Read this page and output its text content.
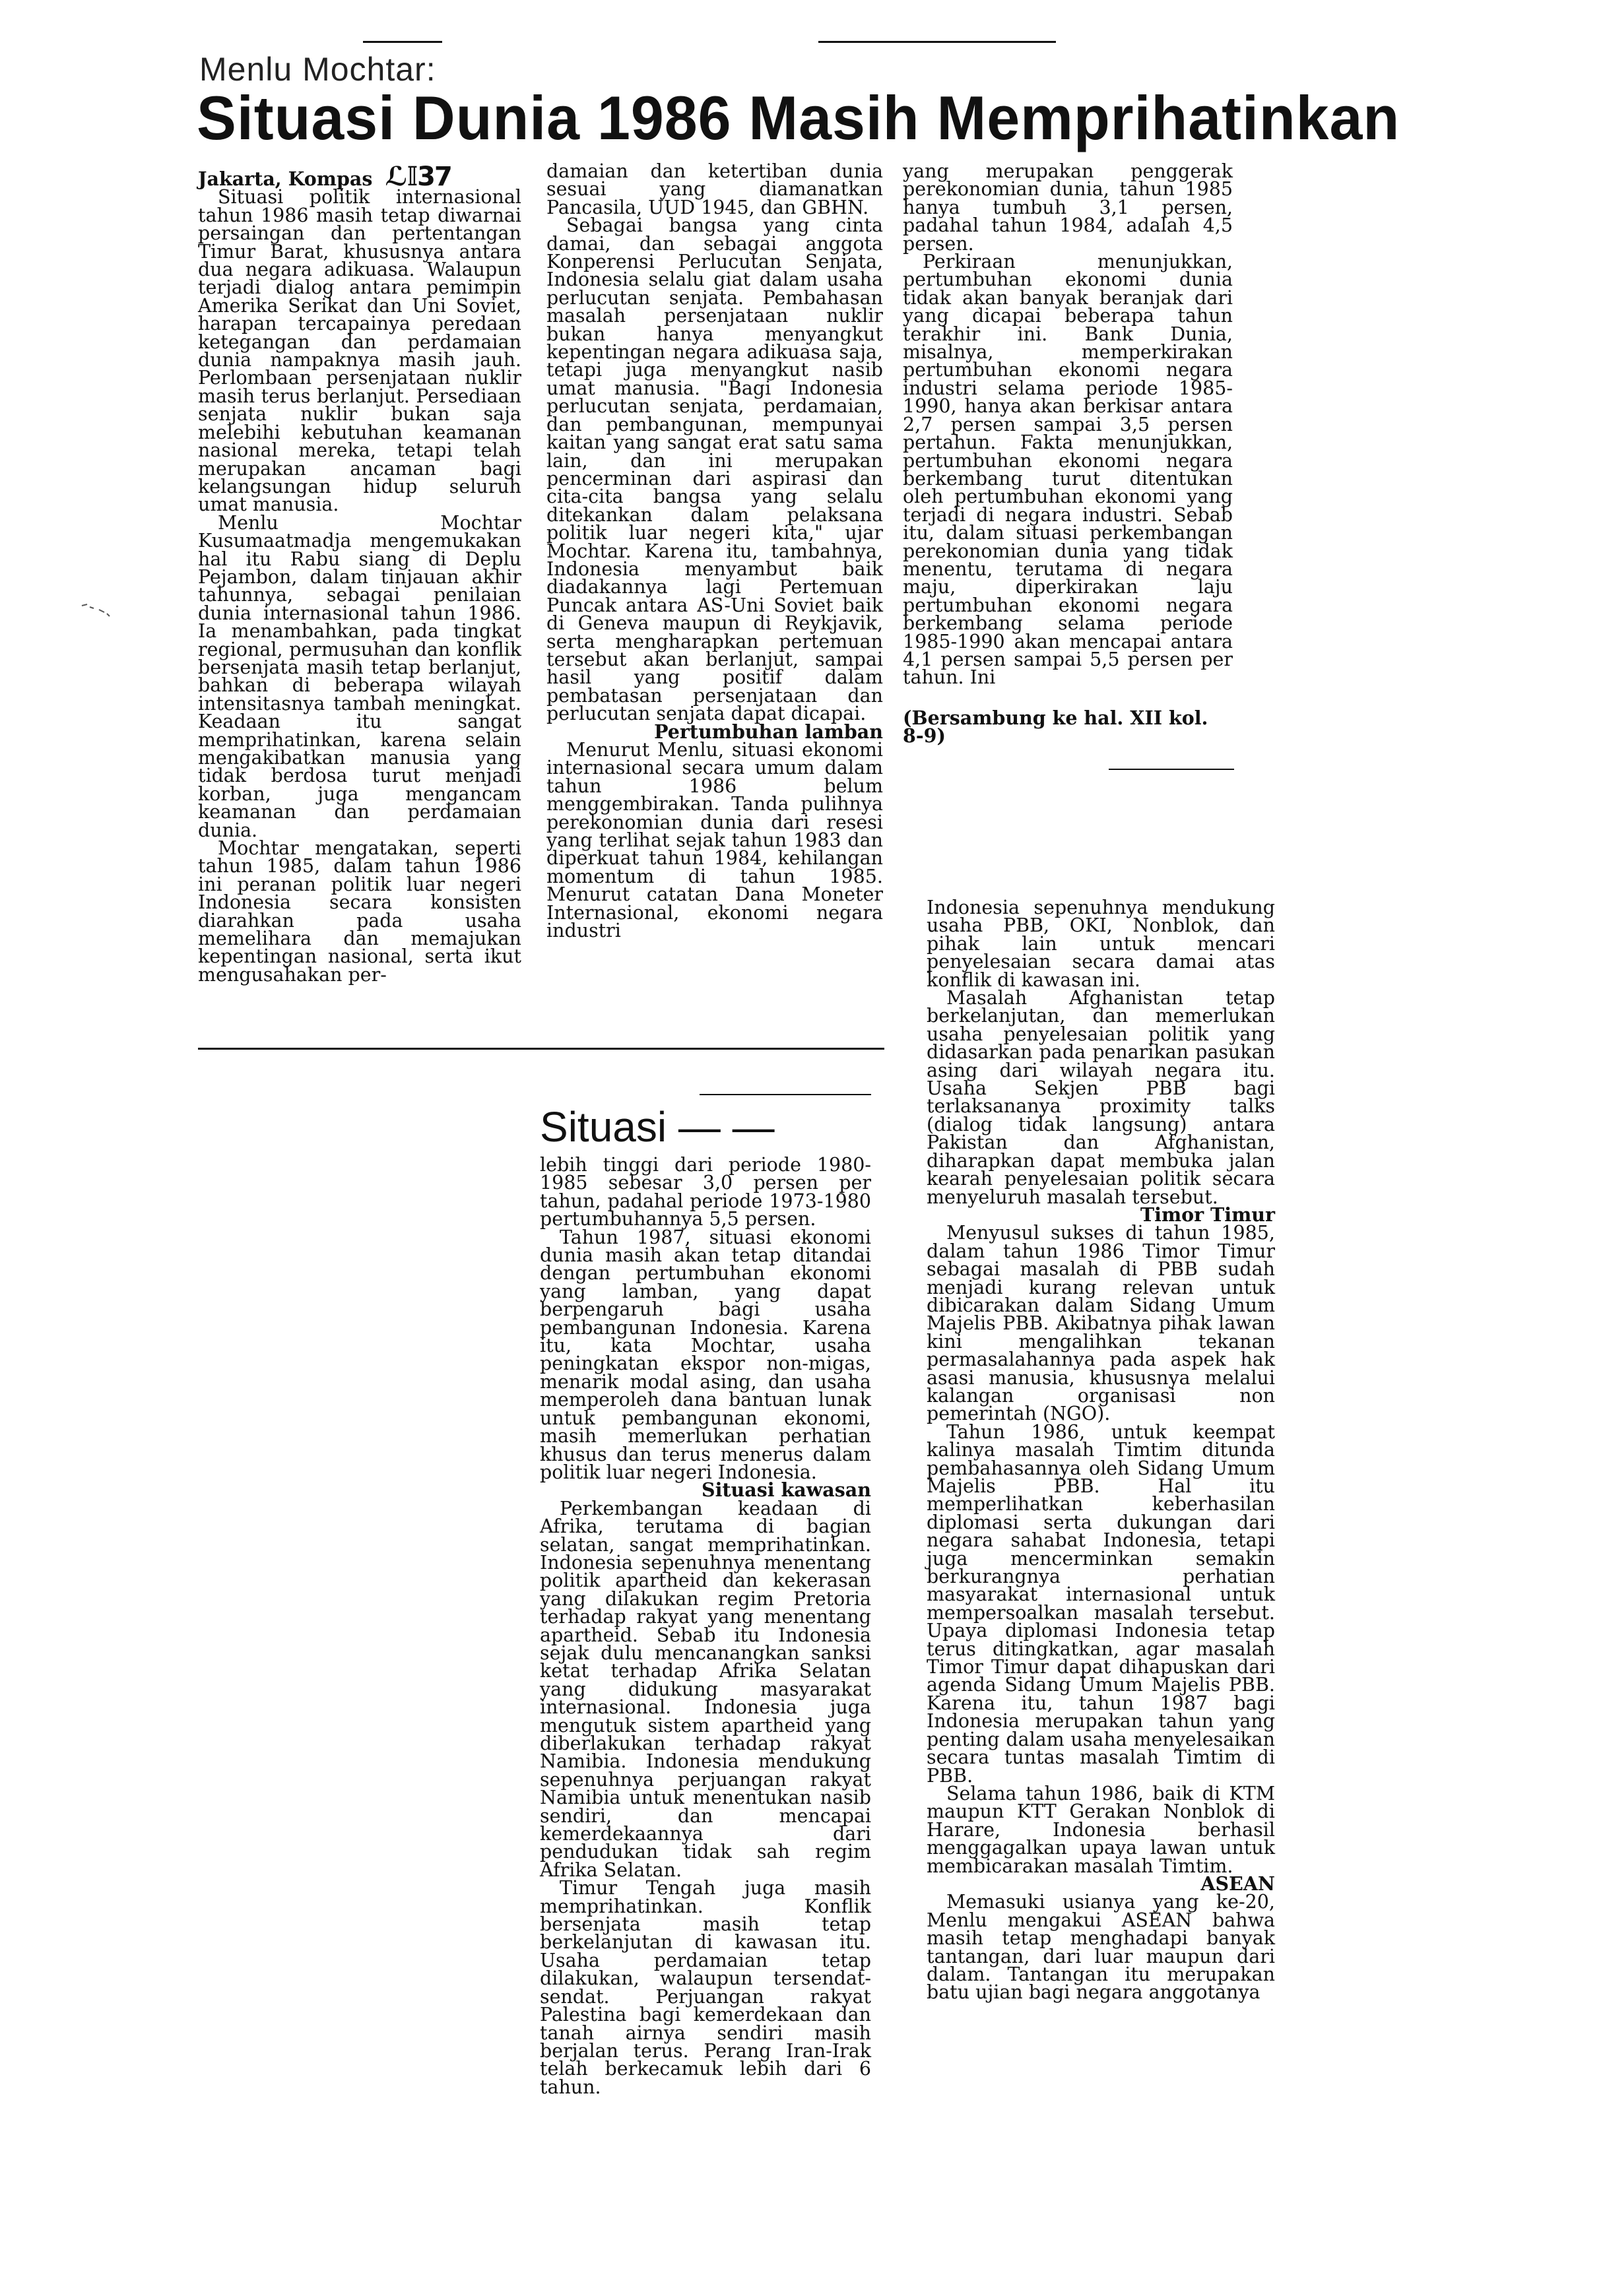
Menlu Mochtar:
Situasi Dunia 1986 Masih Memprihatinkan

Jakarta, Kompas ℒ𝕀37

Situasi politik internasional tahun 1986 masih tetap diwarnai persaingan dan pertentangan Timur Barat, khususnya antara dua negara adikuasa. Walaupun terjadi dialog antara pemimpin Amerika Serikat dan Uni Soviet, harapan tercapainya peredaan ketegangan dan perdamaian dunia nampaknya masih jauh. Perlombaan persenjataan nuklir masih terus berlanjut. Persediaan senjata nuklir bukan saja melebihi kebutuhan keamanan nasional mereka, tetapi telah merupakan ancaman bagi kelangsungan hidup seluruh umat manusia.

Menlu Mochtar Kusumaatmadja mengemukakan hal itu Rabu siang di Deplu Pejambon, dalam tinjauan akhir tahunnya, sebagai penilaian dunia internasional tahun 1986. Ia menambahkan, pada tingkat regional, permusuhan dan konflik bersenjata masih tetap berlanjut, bahkan di beberapa wilayah intensitasnya tambah meningkat. Keadaan itu sangat memprihatinkan, karena selain mengakibatkan manusia yang tidak berdosa turut menjadi korban, juga mengancam keamanan dan perdamaian dunia.

Mochtar mengatakan, seperti tahun 1985, dalam tahun 1986 ini peranan politik luar negeri Indonesia secara konsisten diarahkan pada usaha memelihara dan memajukan kepentingan nasional, serta ikut mengusahakan per-

damaian dan ketertiban dunia sesuai yang diamanatkan Pancasila, UUD 1945, dan GBHN.

Sebagai bangsa yang cinta damai, dan sebagai anggota Konperensi Perlucutan Senjata, Indonesia selalu giat dalam usaha perlucutan senjata. Pembahasan masalah persenjataan nuklir bukan hanya menyangkut kepentingan negara adikuasa saja, tetapi juga menyangkut nasib umat manusia. "Bagi Indonesia perlucutan senjata, perdamaian, dan pembangunan, mempunyai kaitan yang sangat erat satu sama lain, dan ini merupakan pencerminan dari aspirasi dan cita-cita bangsa yang selalu ditekankan dalam pelaksana politik luar negeri kita," ujar Mochtar. Karena itu, tambahnya, Indonesia menyambut baik diadakannya lagi Pertemuan Puncak antara AS-Uni Soviet baik di Geneva maupun di Reykjavik, serta mengharapkan pertemuan tersebut akan berlanjut, sampai hasil yang positif dalam pembatasan persenjataan dan perlucutan senjata dapat dicapai.

Pertumbuhan lamban

Menurut Menlu, situasi ekonomi internasional secara umum dalam tahun 1986 belum menggembirakan. Tanda pulihnya perekonomian dunia dari resesi yang terlihat sejak tahun 1983 dan diperkuat tahun 1984, kehilangan momentum di tahun 1985. Menurut catatan Dana Moneter Internasional, ekonomi negara industri

yang merupakan penggerak perekonomian dunia, tahun 1985 hanya tumbuh 3,1 persen, padahal tahun 1984, adalah 4,5 persen.

Perkiraan menunjukkan, pertumbuhan ekonomi dunia tidak akan banyak beranjak dari yang dicapai beberapa tahun terakhir ini. Bank Dunia, misalnya, memperkirakan pertumbuhan ekonomi negara industri selama periode 1985-1990, hanya akan berkisar antara 2,7 persen sampai 3,5 persen pertahun. Fakta menunjukkan, pertumbuhan ekonomi negara berkembang turut ditentukan oleh pertumbuhan ekonomi yang terjadi di negara industri. Sebab itu, dalam situasi perkembangan perekonomian dunia yang tidak menentu, terutama di negara maju, diperkirakan laju pertumbuhan ekonomi negara berkembang selama periode 1985-1990 akan mencapai antara 4,1 persen sampai 5,5 persen per tahun. Ini

(Bersambung ke hal. XII kol. 8-9)

Situasi — —

lebih tinggi dari periode 1980-1985 sebesar 3,0 persen per tahun, padahal periode 1973-1980 pertumbuhannya 5,5 persen.

Tahun 1987, situasi ekonomi dunia masih akan tetap ditandai dengan pertumbuhan ekonomi yang lamban, yang dapat berpengaruh bagi usaha pembangunan Indonesia. Karena itu, kata Mochtar, usaha peningkatan ekspor non-migas, menarik modal asing, dan usaha memperoleh dana bantuan lunak untuk pembangunan ekonomi, masih memerlukan perhatian khusus dan terus menerus dalam politik luar negeri Indonesia.

Situasi kawasan

Perkembangan keadaan di Afrika, terutama di bagian selatan, sangat memprihatinkan. Indonesia sepenuhnya menentang politik apartheid dan kekerasan yang dilakukan regim Pretoria terhadap rakyat yang menentang apartheid. Sebab itu Indonesia sejak dulu mencanangkan sanksi ketat terhadap Afrika Selatan yang didukung masyarakat internasional. Indonesia juga mengutuk sistem apartheid yang diberlakukan terhadap rakyat Namibia. Indonesia mendukung sepenuhnya perjuangan rakyat Namibia untuk menentukan nasib sendiri, dan mencapai kemerdekaannya dari pendudukan tidak sah regim Afrika Selatan.

Timur Tengah juga masih memprihatinkan. Konflik bersenjata masih tetap berkelanjutan di kawasan itu. Usaha perdamaian tetap dilakukan, walaupun tersendat-sendat. Perjuangan rakyat Palestina bagi kemerdekaan dan tanah airnya sendiri masih berjalan terus. Perang Iran-Irak telah berkecamuk lebih dari 6 tahun.

Indonesia sepenuhnya mendukung usaha PBB, OKI, Nonblok, dan pihak lain untuk mencari penyelesaian secara damai atas konflik di kawasan ini.

Masalah Afghanistan tetap berkelanjutan, dan memerlukan usaha penyelesaian politik yang didasarkan pada penarikan pasukan asing dari wilayah negara itu. Usaha Sekjen PBB bagi terlaksananya proximity talks (dialog tidak langsung) antara Pakistan dan Afghanistan, diharapkan dapat membuka jalan kearah penyelesaian politik secara menyeluruh masalah tersebut.

Timor Timur

Menyusul sukses di tahun 1985, dalam tahun 1986 Timor Timur sebagai masalah di PBB sudah menjadi kurang relevan untuk dibicarakan dalam Sidang Umum Majelis PBB. Akibatnya pihak lawan kini mengalihkan tekanan permasalahannya pada aspek hak asasi manusia, khususnya melalui kalangan organisasi non pemerintah (NGO).

Tahun 1986, untuk keempat kalinya masalah Timtim ditunda pembahasannya oleh Sidang Umum Majelis PBB. Hal itu memperlihatkan keberhasilan diplomasi serta dukungan dari negara sahabat Indonesia, tetapi juga mencerminkan semakin berkurangnya perhatian masyarakat internasional untuk mempersoalkan masalah tersebut. Upaya diplomasi Indonesia tetap terus ditingkatkan, agar masalah Timor Timur dapat dihapuskan dari agenda Sidang Umum Majelis PBB. Karena itu, tahun 1987 bagi Indonesia merupakan tahun yang penting dalam usaha menyelesaikan secara tuntas masalah Timtim di PBB.

Selama tahun 1986, baik di KTM maupun KTT Gerakan Nonblok di Harare, Indonesia berhasil menggagalkan upaya lawan untuk membicarakan masalah Timtim.

ASEAN

Memasuki usianya yang ke-20, Menlu mengakui ASEAN bahwa masih tetap menghadapi banyak tantangan, dari luar maupun dari dalam. Tantangan itu merupakan batu ujian bagi negara anggotanya
